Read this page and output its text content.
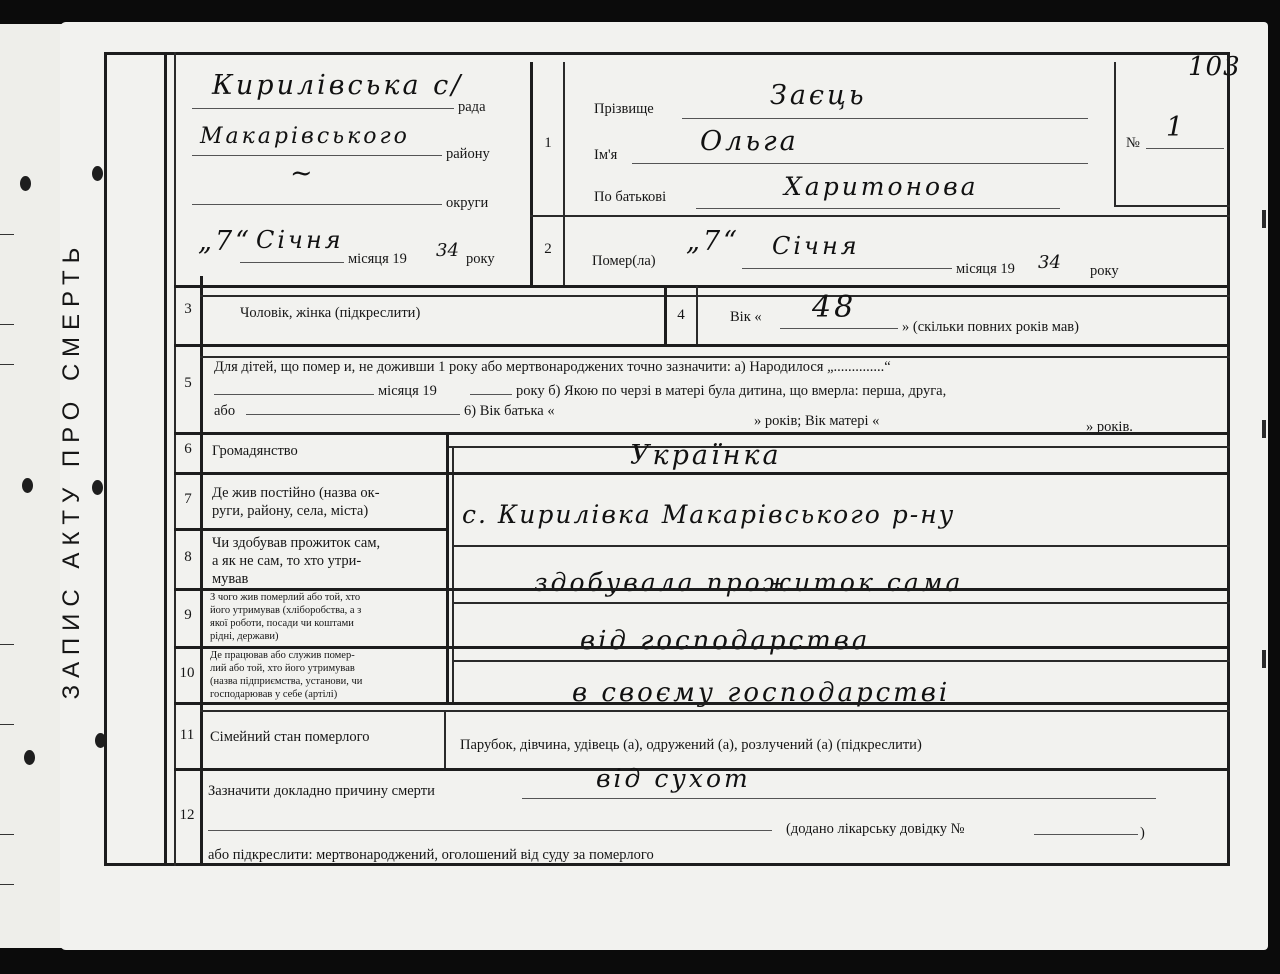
103
ЗАПИС АКТУ ПРО СМЕРТЬ
Кирилівська с/
рада
Макарівського
району
~
округи
„7“ Січня
місяця 19 34 року
1
Прізвище	Заєць
Ім'я	Ольга
По батькові	Харитонова
№ 1
2
Помер(ла)
„7“ Січня
місяця 19 34 року
3	Чоловік, жінка (підкреслити)	4	Вік « 48
» (скільки повних років мав)
5
Для дітей, що помер и, не доживши 1 року або мертвонароджених точно зазначити: а) Народилося „..............“
місяця 19	року б) Якою по черзі в матері була дитина, що вмерла: перша, друга,
або	6) Вік батька «
» років; Вік матері «	» років.
6	Громадянство	Українка
7	Де жив постійно (назва ок-
руги, району, села, міста)	с. Кирилівка Макарівського р-ну
8
Чи здобував прожиток сам,
а як не сам, то хто утри-
мував	здобувала прожиток сама
9
З чого жив померлий або той, хто
його утримував (хліборобства, а з
якої роботи, посади чи коштами
рідні, держави)	від господарства
10
Де працював або служив помер-
лий або той, хто його утримував
(назва підприємства, установи, чи
господарював у себе (артілі)	в своєму господарстві
11	Сімейний стан померлого	Парубок, дівчина, удівець (а), одружений (а), розлучений (а) (підкреслити)
12
Зазначити докладно причину смерти	від сухот
(додано лікарську довідку №	)
або підкреслити: мертвонароджений, оголошений від суду за померлого
